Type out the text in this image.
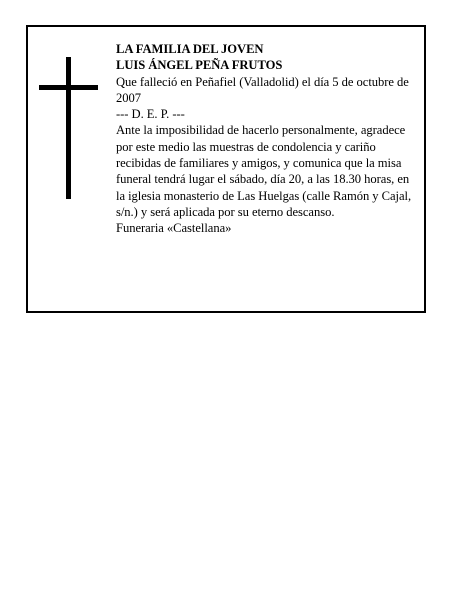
LA FAMILIA DEL JOVEN

LUIS ÁNGEL PEÑA FRUTOS

Que falleció en Peñafiel (Valladolid) el día 5 de octubre de 2007

--- D. E. P. ---

Ante la imposibilidad de hacerlo personalmente, agradece por este medio las muestras de condolencia y cariño recibidas de familiares y amigos, y comunica que la misa funeral tendrá lugar el sábado, día 20, a las 18.30 horas, en la iglesia monasterio de Las Huelgas (calle Ramón y Cajal, s/n.) y será aplicada por su eterno descanso.

Funeraria «Castellana»
